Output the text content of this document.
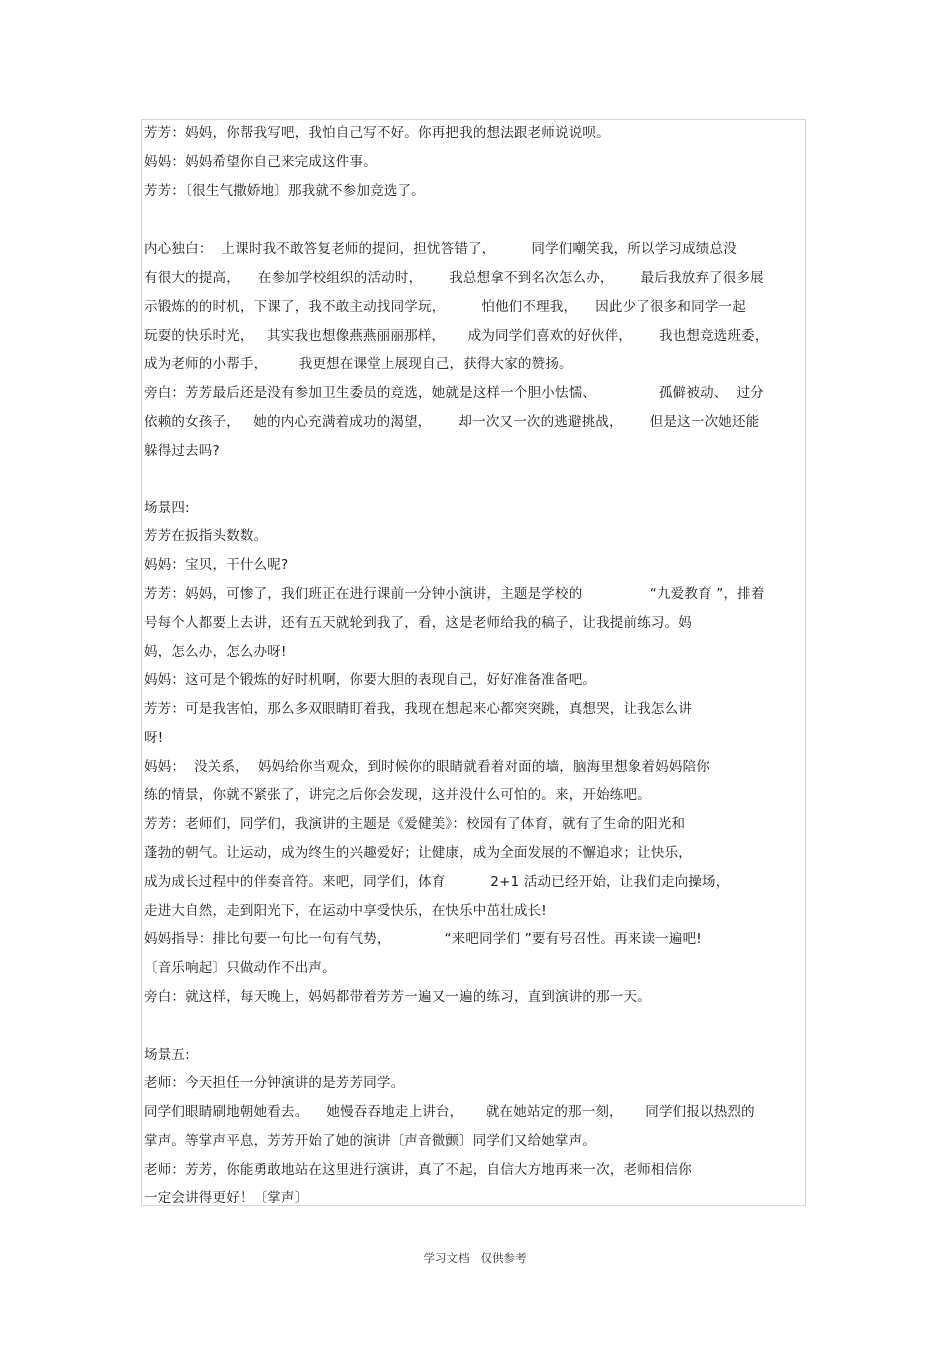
芳芳：妈妈，你帮我写吧，我怕自己写不好。你再把我的想法跟老师说说呗。
妈妈：妈妈希望你自己来完成这件事。
芳芳：〔很生气撒娇地〕那我就不参加竞选了。
内心独白：  上课时我不敢答复老师的提问，担忧答错了，        同学们嘲笑我，所以学习成绩总没
有很大的提高，    在参加学校组织的活动时，      我总想拿不到名次怎么办，      最后我放弃了很多展
示锻炼的的时机，下课了，我不敢主动找同学玩，        怕他们不理我，    因此少了很多和同学一起
玩耍的快乐时光，   其实我也想像燕燕丽丽那样，     成为同学们喜欢的好伙伴，      我也想竞选班委，
成为老师的小帮手，       我更想在课堂上展现自己，获得大家的赞扬。
旁白：芳芳最后还是没有参加卫生委员的竞选，她就是这样一个胆小怯懦、              孤僻被动、  过分
依赖的女孩子，   她的内心充满着成功的渴望，      却一次又一次的逃避挑战，      但是这一次她还能
躲得过去吗?
场景四:
芳芳在扳指头数数。
妈妈：宝贝，干什么呢?
芳芳：妈妈，可惨了，我们班正在进行课前一分钟小演讲，主题是学校的               “九爱教育 ”，排着
号每个人都要上去讲，还有五天就轮到我了，看，这是老师给我的稿子，让我提前练习。妈
妈，怎么办，怎么办呀!
妈妈：这可是个锻炼的好时机啊，你要大胆的表现自己，好好准备准备吧。
芳芳：可是我害怕，那么多双眼睛盯着我，我现在想起来心都突突跳，真想哭，让我怎么讲
呀!
妈妈：  没关系，  妈妈给你当观众，到时候你的眼睛就看着对面的墙，脑海里想象着妈妈陪你
练的情景，你就不紧张了，讲完之后你会发现，这并没什么可怕的。来，开始练吧。
芳芳：老师们，同学们，我演讲的主题是《爱健美》：校园有了体育，就有了生命的阳光和
蓬勃的朝气。让运动，成为终生的兴趣爱好；让健康，成为全面发展的不懈追求；让快乐，
成为成长过程中的伴奏音符。来吧，同学们，体育          2+1 活动已经开始，让我们走向操场，
走进大自然，走到阳光下，在运动中享受快乐，在快乐中茁壮成长!
妈妈指导：排比句要一句比一句有气势，            “来吧同学们 ”要有号召性。再来读一遍吧!
〔音乐响起〕只做动作不出声。
旁白：就这样，每天晚上，妈妈都带着芳芳一遍又一遍的练习，直到演讲的那一天。
场景五:
老师：今天担任一分钟演讲的是芳芳同学。
同学们眼睛刷地朝她看去。    她慢吞吞地走上讲台，     就在她站定的那一刻，     同学们报以热烈的
掌声。等掌声平息，芳芳开始了她的演讲〔声音微颤〕同学们又给她掌声。
老师：芳芳，你能勇敢地站在这里进行演讲，真了不起，自信大方地再来一次，老师相信你
一定会讲得更好！〔掌声〕
学习文档   仅供参考
